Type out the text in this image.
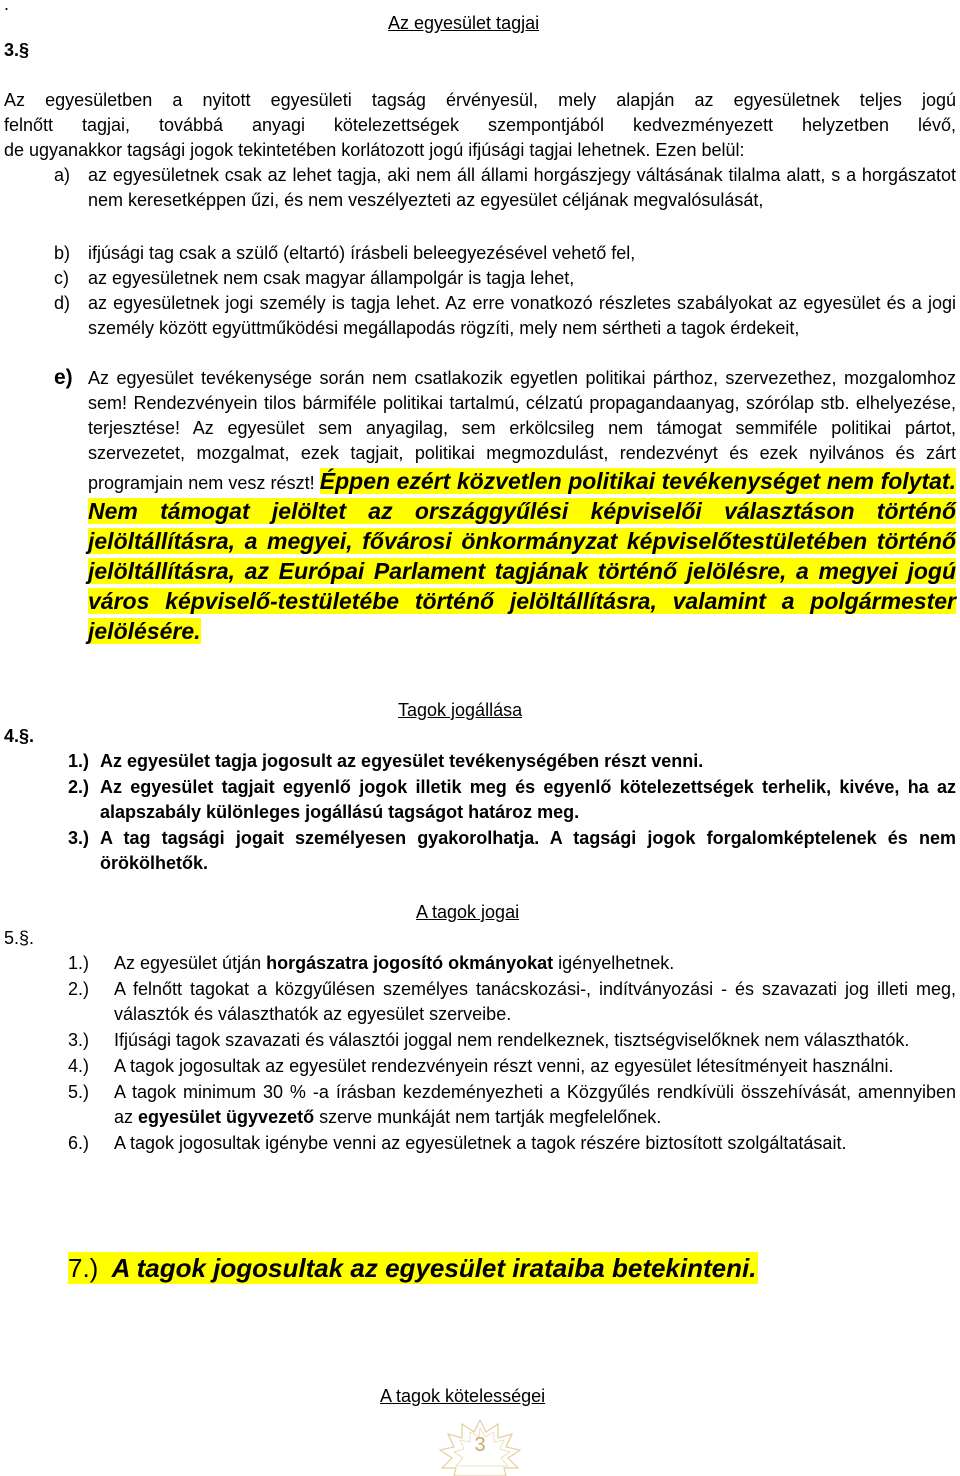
.
3.§
Az egyesület tagjai
Az egyesületben a nyitott egyesületi tagság érvényesül, mely alapján az egyesületnek teljes jogú
felnőtt tagjai, továbbá anyagi kötelezettségek szempontjából kedvezményezett helyzetben lévő,
de ugyanakkor tagsági jogok tekintetében korlátozott jogú ifjúsági tagjai lehetnek. Ezen belül:
a) az egyesületnek csak az lehet tagja, aki nem áll állami horgászjegy váltásának tilalma alatt, s a horgászatot nem keresetképpen űzi, és nem veszélyezteti az egyesület céljának megvalósulását,
b) ifjúsági tag csak a szülő (eltartó) írásbeli beleegyezésével vehető fel,
c) az egyesületnek nem csak magyar állampolgár is tagja lehet,
d) az egyesületnek jogi személy is tagja lehet. Az erre vonatkozó részletes szabályokat az egyesület és a jogi személy között együttműködési megállapodás rögzíti, mely nem sértheti a tagok érdekeit,
e) Az egyesület tevékenysége során nem csatlakozik egyetlen politikai párthoz, szervezethez, mozgalomhoz sem! Rendezvényein tilos bármiféle politikai tartalmú, célzatú propagandaanyag, szórólap stb. elhelyezése, terjesztése! Az egyesület sem anyagilag, sem erkölcsileg nem támogat semmiféle politikai pártot, szervezetet, mozgalmat, ezek tagjait, politikai megmozdulást, rendezvényt és ezek nyilvános és zárt programjain nem vesz részt! Éppen ezért közvetlen politikai tevékenységet nem folytat. Nem támogat jelöltet az országgyűlési képviselői választáson történő jelöltállításra, a megyei, fővárosi önkormányzat képviselőtestületében történő jelöltállításra, az Európai Parlament tagjának történő jelölésre, a megyei jogú város képviselő-testületébe történő jelöltállításra, valamint a polgármester jelölésére.
Tagok jogállása
4.§.
1.) Az egyesület tagja jogosult az egyesület tevékenységében részt venni.
2.) Az egyesület tagjait egyenlő jogok illetik meg és egyenlő kötelezettségek terhelik, kivéve, ha az alapszabály különleges jogállású tagságot határoz meg.
3.) A tag tagsági jogait személyesen gyakorolhatja. A tagsági jogok forgalomképtelenek és nem örökölhetők.
A tagok jogai
5.§.
1.) Az egyesület útján horgászatra jogosító okmányokat igényelhetnek.
2.) A felnőtt tagokat a közgyűlésen személyes tanácskozási-, indítványozási - és szavazati jog illeti meg, választók és választhatók az egyesület szerveibe.
3.) Ifjúsági tagok szavazati és választói joggal nem rendelkeznek, tisztségviselőknek nem választhatók.
4.) A tagok jogosultak az egyesület rendezvényein részt venni, az egyesület létesítményeit használni.
5.) A tagok minimum 30 % -a írásban kezdeményezheti a Közgyűlés rendkívüli összehívását, amennyiben az egyesület ügyvezető szerve munkáját nem tartják megfelelőnek.
6.) A tagok jogosultak igénybe venni az egyesületnek a tagok részére biztosított szolgáltatásait.
7.) A tagok jogosultak az egyesület irataiba betekinteni.
A tagok kötelességei
3
